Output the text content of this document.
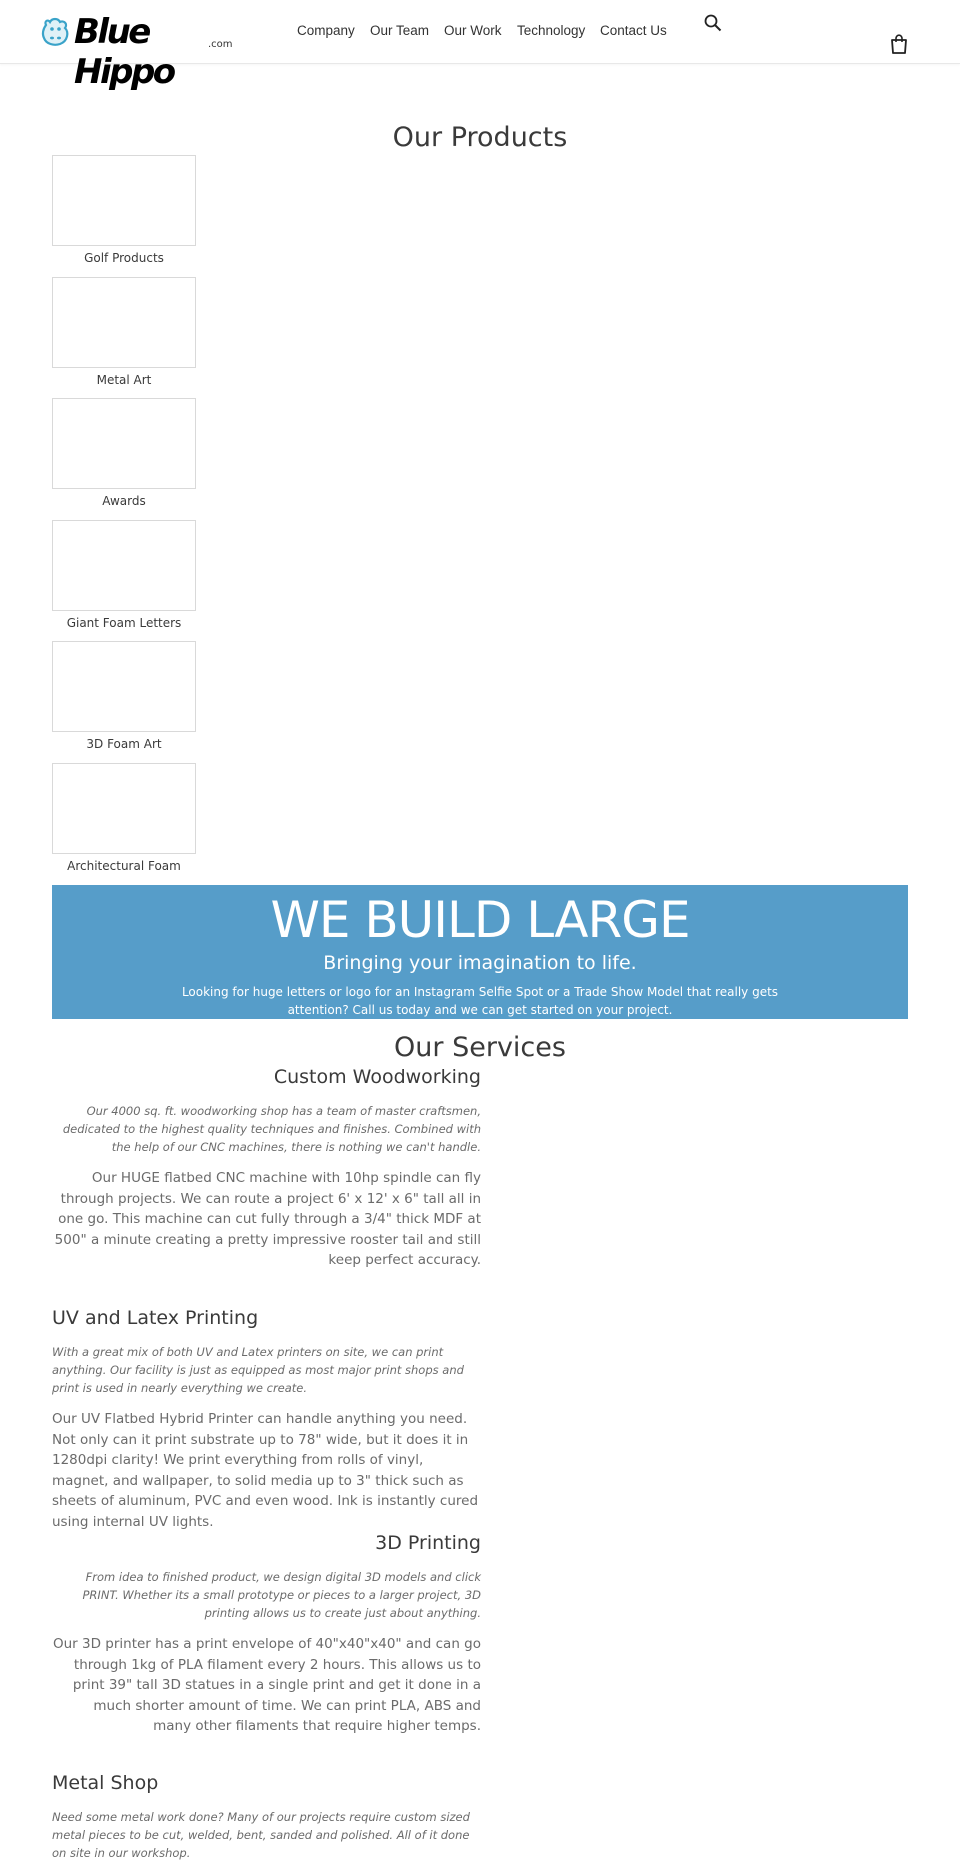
Blue Hippo
.com
Company Our Team Our Work Technology Contact Us
Our Products
Golf Products
Metal Art
Awards
Giant Foam Letters
3D Foam Art
Architectural Foam
WE BUILD LARGE
Bringing your imagination to life.
Looking for huge letters or logo for an Instagram Selfie Spot or a Trade Show Model that really gets attention? Call us today and we can get started on your project.
Our Services
Custom Woodworking

Our 4000 sq. ft. woodworking shop has a team of master craftsmen, dedicated to the highest quality techniques and finishes. Combined with the help of our CNC machines, there is nothing we can't handle.

Our HUGE flatbed CNC machine with 10hp spindle can fly through projects. We can route a project 6' x 12' x 6" tall all in one go. This machine can cut fully through a 3/4" thick MDF at 500" a minute creating a pretty impressive rooster tail and still keep perfect accuracy.

UV and Latex Printing

With a great mix of both UV and Latex printers on site, we can print anything. Our facility is just as equipped as most major print shops and print is used in nearly everything we create.

Our UV Flatbed Hybrid Printer can handle anything you need. Not only can it print substrate up to 78" wide, but it does it in 1280dpi clarity! We print everything from rolls of vinyl, magnet, and wallpaper, to solid media up to 3" thick such as sheets of aluminum, PVC and even wood. Ink is instantly cured using internal UV lights.

3D Printing

From idea to finished product, we design digital 3D models and click PRINT. Whether its a small prototype or pieces to a larger project, 3D printing allows us to create just about anything.

Our 3D printer has a print envelope of 40"x40"x40" and can go through 1kg of PLA filament every 2 hours. This allows us to print 39" tall 3D statues in a single print and get it done in a much shorter amount of time. We can print PLA, ABS and many other filaments that require higher temps.

Metal Shop

Need some metal work done? Many of our projects require custom sized metal pieces to be cut, welded, bent, sanded and polished. All of it done on site in our workshop.
